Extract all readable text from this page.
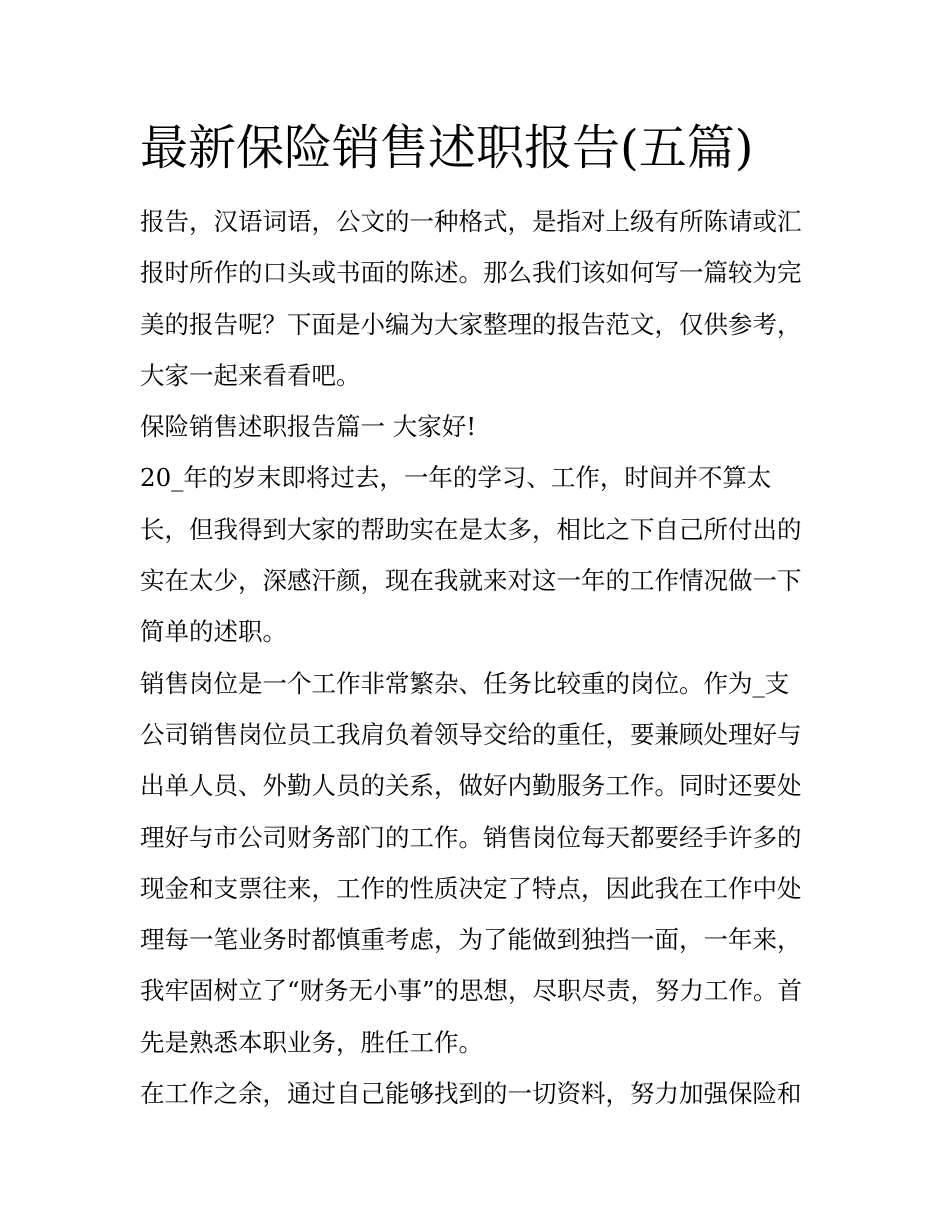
最新保险销售述职报告(五篇)
报告，汉语词语，公文的一种格式，是指对上级有所陈请或汇
报时所作的口头或书面的陈述。那么我们该如何写一篇较为完
美的报告呢？下面是小编为大家整理的报告范文，仅供参考，
大家一起来看看吧。
保险销售述职报告篇一 大家好!
20_年的岁末即将过去，一年的学习、工作，时间并不算太
长，但我得到大家的帮助实在是太多，相比之下自己所付出的
实在太少，深感汗颜，现在我就来对这一年的工作情况做一下
简单的述职。
销售岗位是一个工作非常繁杂、任务比较重的岗位。作为_支
公司销售岗位员工我肩负着领导交给的重任，要兼顾处理好与
出单人员、外勤人员的关系，做好内勤服务工作。同时还要处
理好与市公司财务部门的工作。销售岗位每天都要经手许多的
现金和支票往来，工作的性质决定了特点，因此我在工作中处
理每一笔业务时都慎重考虑，为了能做到独挡一面，一年来，
我牢固树立了“财务无小事”的思想，尽职尽责，努力工作。首
先是熟悉本职业务，胜任工作。
在工作之余，通过自己能够找到的一切资料，努力加强保险和
